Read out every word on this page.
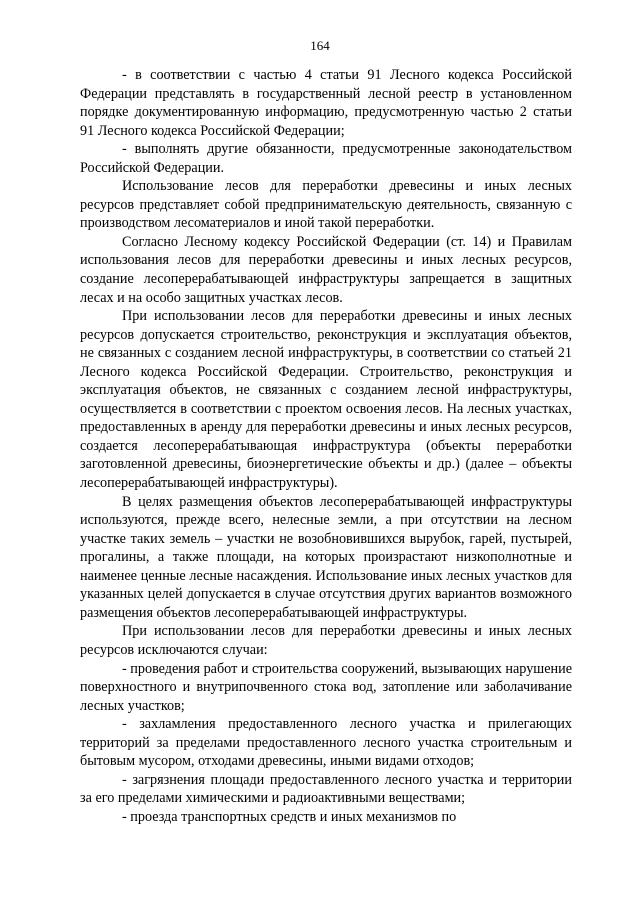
164

- в соответствии с частью 4 статьи 91 Лесного кодекса Российской Федерации представлять в государственный лесной реестр в установленном порядке документированную информацию, предусмотренную частью 2 статьи 91 Лесного кодекса Российской Федерации;

- выполнять другие обязанности, предусмотренные законодательством Российской Федерации.

Использование лесов для переработки древесины и иных лесных ресурсов представляет собой предпринимательскую деятельность, связанную с производством лесоматериалов и иной такой переработки.

Согласно Лесному кодексу Российской Федерации (ст. 14) и Правилам использования лесов для переработки древесины и иных лесных ресурсов, создание лесоперерабатывающей инфраструктуры запрещается в защитных лесах и на особо защитных участках лесов.

При использовании лесов для переработки древесины и иных лесных ресурсов допускается строительство, реконструкция и эксплуатация объектов, не связанных с созданием лесной инфраструктуры, в соответствии со статьей 21 Лесного кодекса Российской Федерации. Строительство, реконструкция и эксплуатация объектов, не связанных с созданием лесной инфраструктуры, осуществляется в соответствии с проектом освоения лесов. На лесных участках, предоставленных в аренду для переработки древесины и иных лесных ресурсов, создается лесоперерабатывающая инфраструктура (объекты переработки заготовленной древесины, биоэнергетические объекты и др.) (далее – объекты лесоперерабатывающей инфраструктуры).

В целях размещения объектов лесоперерабатывающей инфраструктуры используются, прежде всего, нелесные земли, а при отсутствии на лесном участке таких земель – участки не возобновившихся вырубок, гарей, пустырей, прогалины, а также площади, на которых произрастают низкополнотные и наименее ценные лесные насаждения. Использование иных лесных участков для указанных целей допускается в случае отсутствия других вариантов возможного размещения объектов лесоперерабатывающей инфраструктуры.

При использовании лесов для переработки древесины и иных лесных ресурсов исключаются случаи:

- проведения работ и строительства сооружений, вызывающих нарушение поверхностного и внутрипочвенного стока вод, затопление или заболачивание лесных участков;

- захламления предоставленного лесного участка и прилегающих территорий за пределами предоставленного лесного участка строительным и бытовым мусором, отходами древесины, иными видами отходов;

- загрязнения площади предоставленного лесного участка и территории за его пределами химическими и радиоактивными веществами;

- проезда транспортных средств и иных механизмов по
